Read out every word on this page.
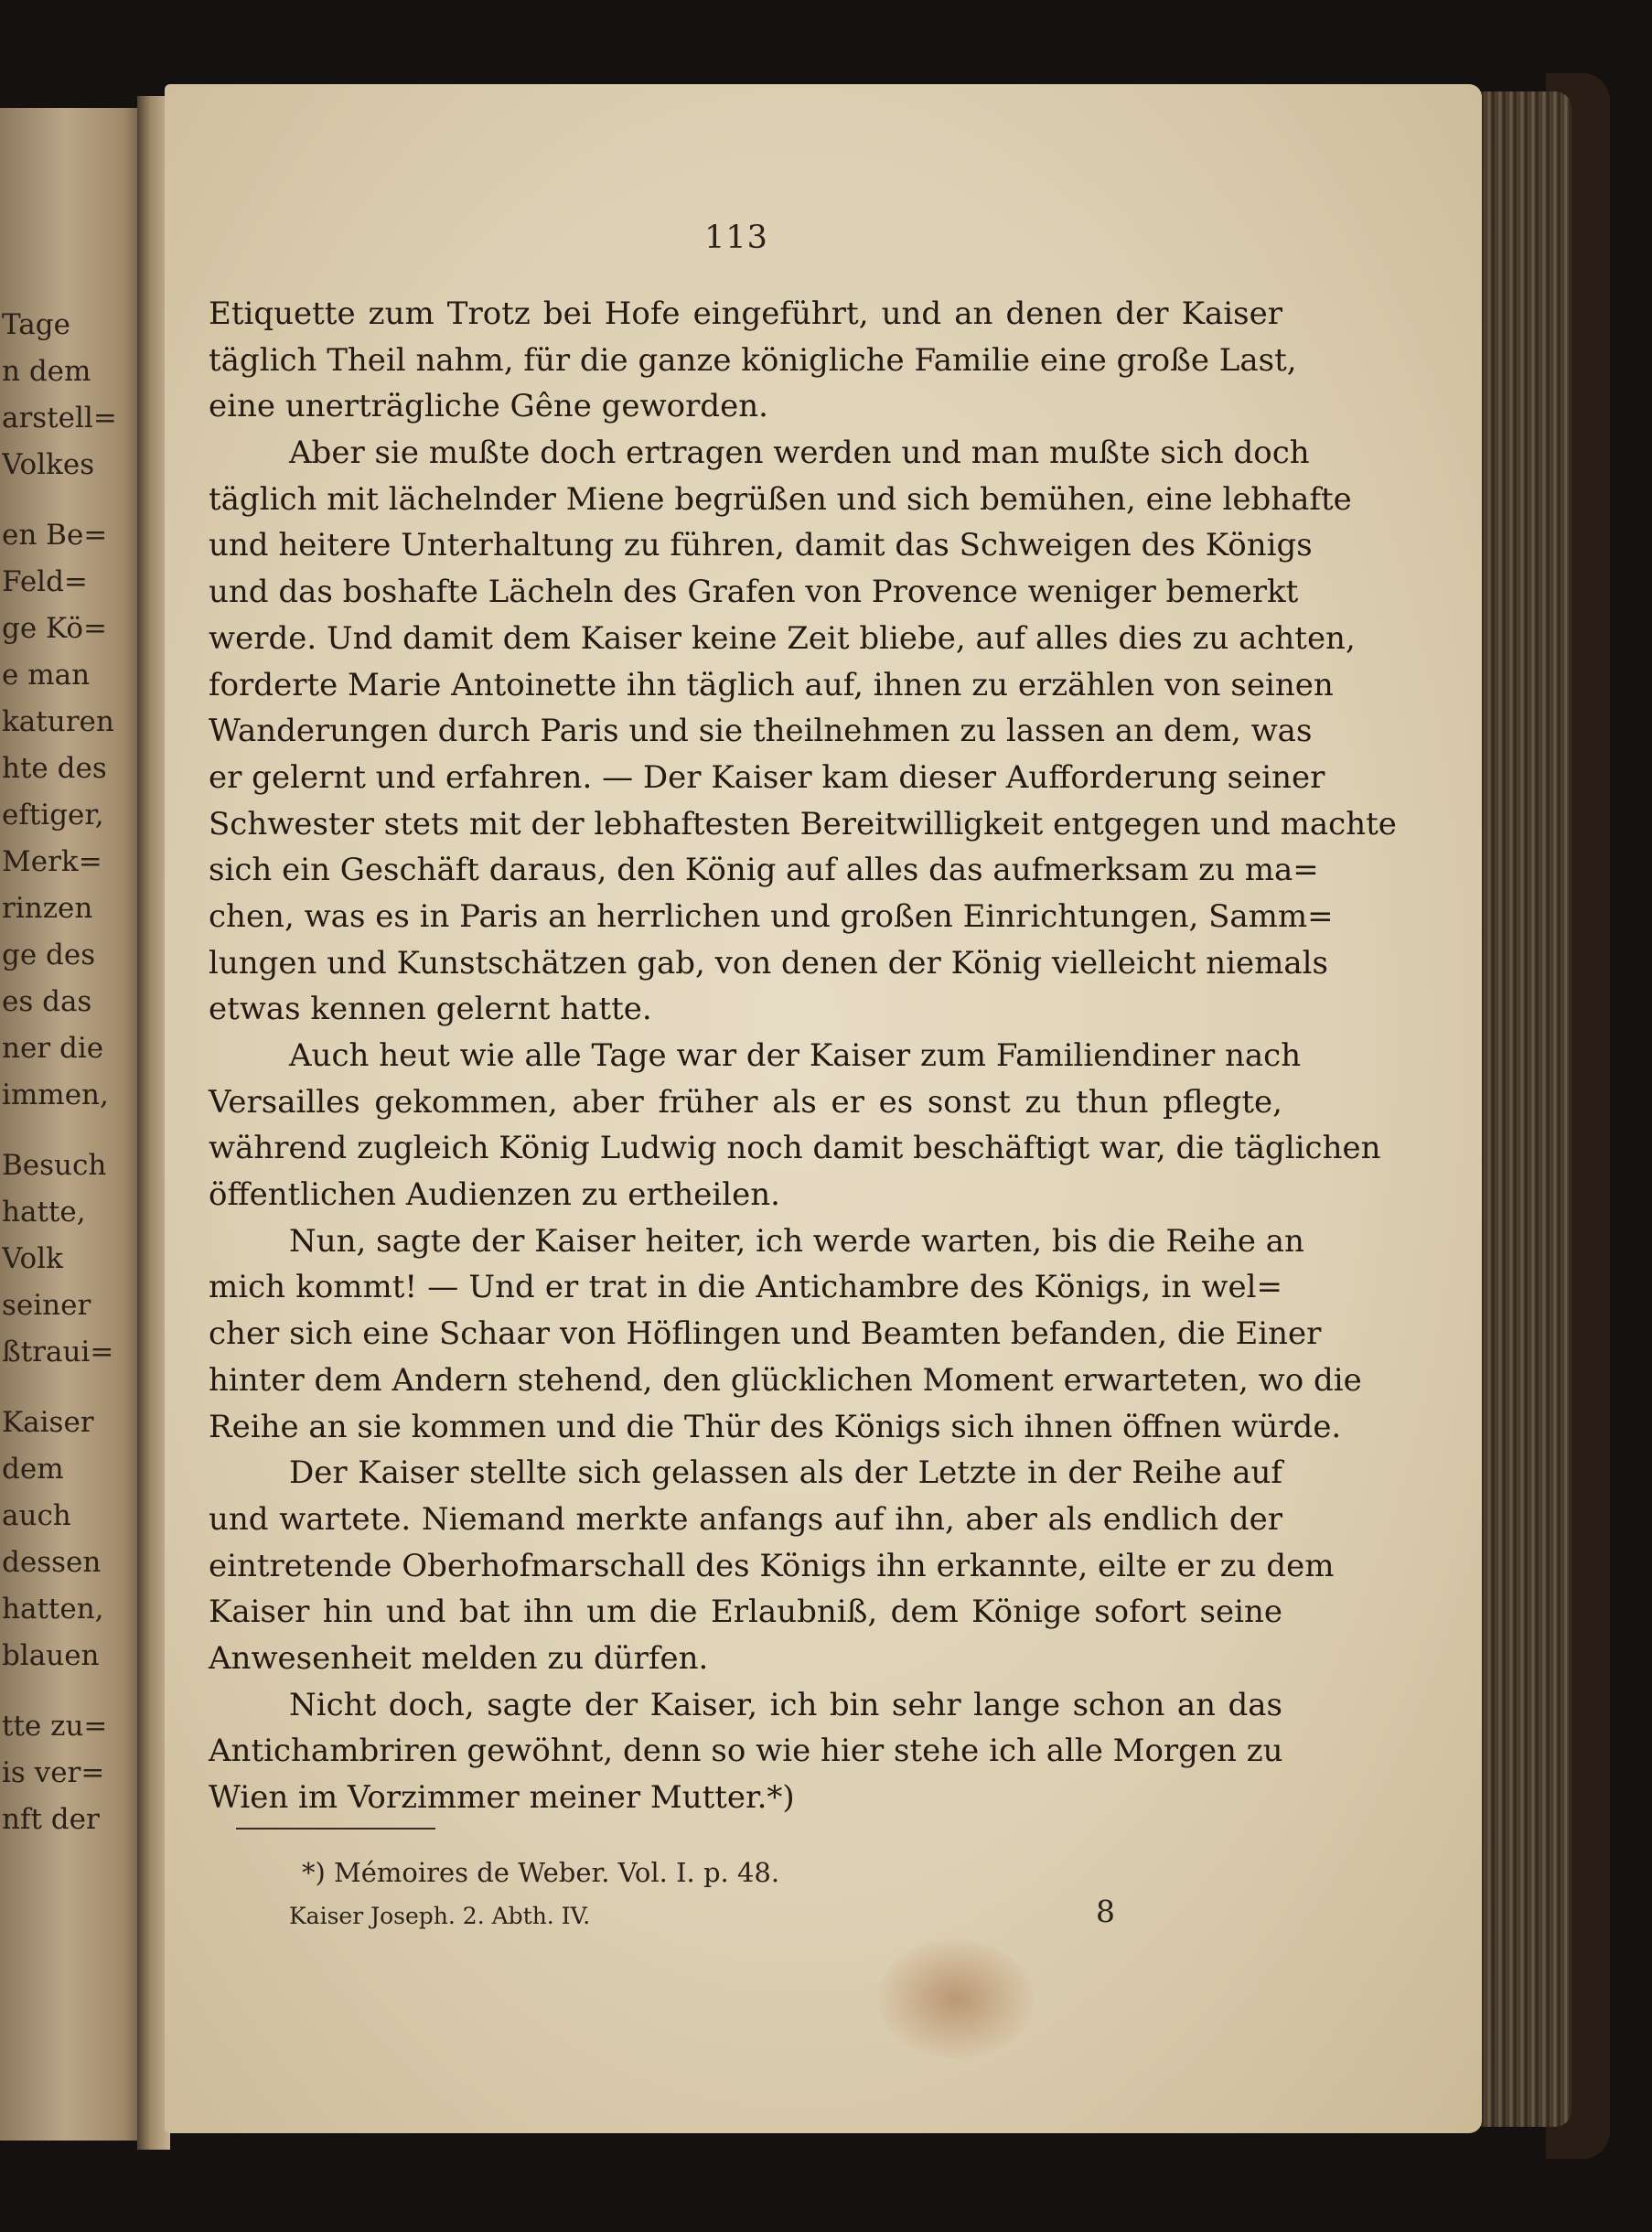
Tage
n dem
arstell=
Volkes
en Be=
Feld=
ge Kö=
e man
katuren
hte des
eftiger,
Merk=
rinzen
ge des
es das
ner die
immen,
Besuch
hatte,
Volk
seiner
ßtraui=
Kaiser
dem
auch
dessen
hatten,
blauen
tte zu=
is ver=
nft der
113
Etiquette zum Trotz bei Hofe eingeführt, und an denen der Kaiser
täglich Theil nahm, für die ganze königliche Familie eine große Last,
eine unerträgliche Gêne geworden.
Aber sie mußte doch ertragen werden und man mußte sich doch
täglich mit lächelnder Miene begrüßen und sich bemühen, eine lebhafte
und heitere Unterhaltung zu führen, damit das Schweigen des Königs
und das boshafte Lächeln des Grafen von Provence weniger bemerkt
werde. Und damit dem Kaiser keine Zeit bliebe, auf alles dies zu achten,
forderte Marie Antoinette ihn täglich auf, ihnen zu erzählen von seinen
Wanderungen durch Paris und sie theilnehmen zu lassen an dem, was
er gelernt und erfahren. — Der Kaiser kam dieser Aufforderung seiner
Schwester stets mit der lebhaftesten Bereitwilligkeit entgegen und machte
sich ein Geschäft daraus, den König auf alles das aufmerksam zu ma=
chen, was es in Paris an herrlichen und großen Einrichtungen, Samm=
lungen und Kunstschätzen gab, von denen der König vielleicht niemals
etwas kennen gelernt hatte.
Auch heut wie alle Tage war der Kaiser zum Familiendiner nach
Versailles gekommen, aber früher als er es sonst zu thun pflegte,
während zugleich König Ludwig noch damit beschäftigt war, die täglichen
öffentlichen Audienzen zu ertheilen.
Nun, sagte der Kaiser heiter, ich werde warten, bis die Reihe an
mich kommt! — Und er trat in die Antichambre des Königs, in wel=
cher sich eine Schaar von Höflingen und Beamten befanden, die Einer
hinter dem Andern stehend, den glücklichen Moment erwarteten, wo die
Reihe an sie kommen und die Thür des Königs sich ihnen öffnen würde.
Der Kaiser stellte sich gelassen als der Letzte in der Reihe auf
und wartete. Niemand merkte anfangs auf ihn, aber als endlich der
eintretende Oberhofmarschall des Königs ihn erkannte, eilte er zu dem
Kaiser hin und bat ihn um die Erlaubniß, dem Könige sofort seine
Anwesenheit melden zu dürfen.
Nicht doch, sagte der Kaiser, ich bin sehr lange schon an das
Antichambriren gewöhnt, denn so wie hier stehe ich alle Morgen zu
Wien im Vorzimmer meiner Mutter.*)
*) Mémoires de Weber. Vol. I. p. 48.
Kaiser Joseph. 2. Abth. IV.	8
